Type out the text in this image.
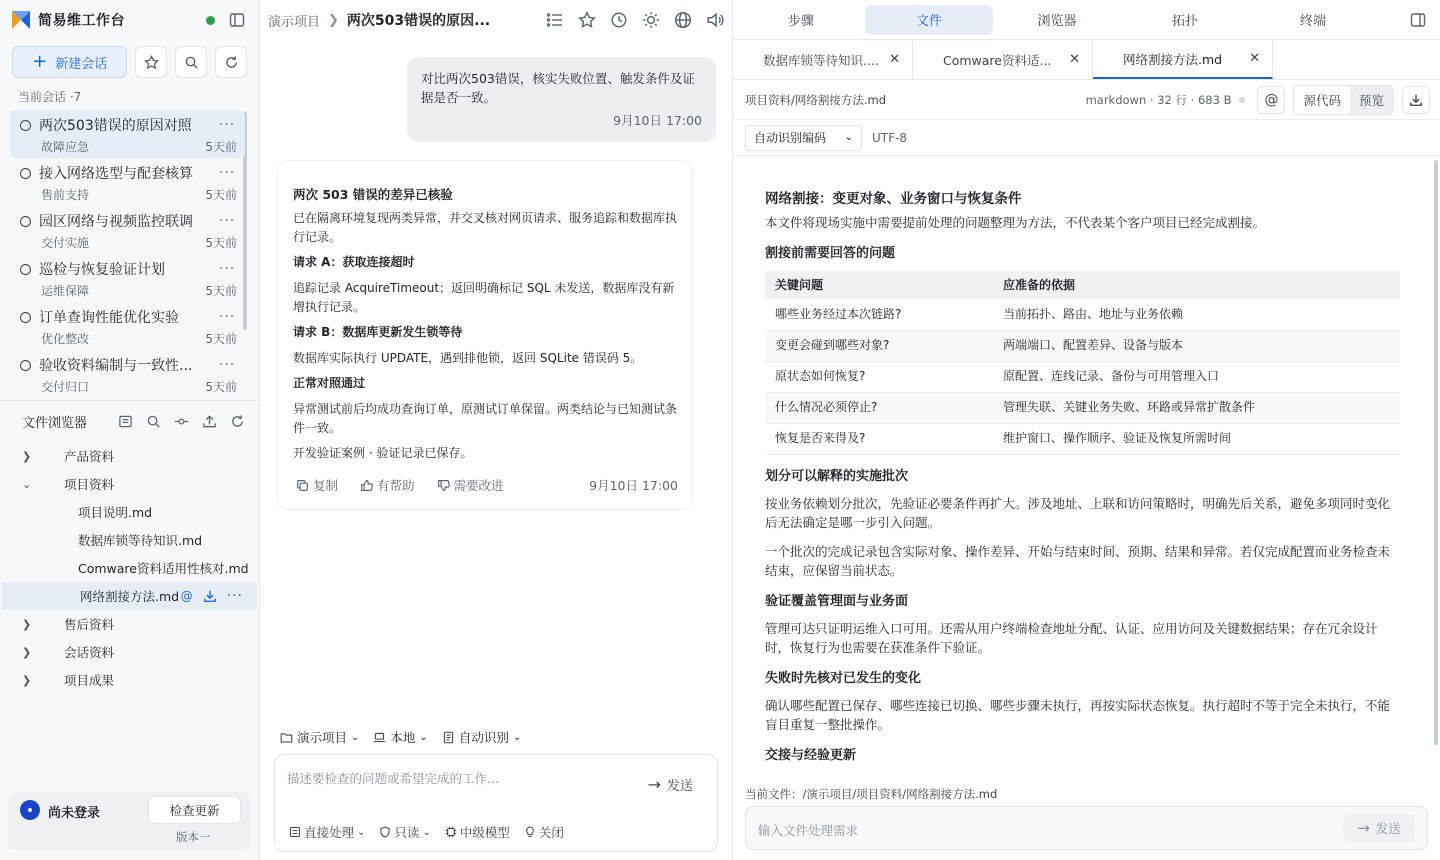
简易维工作台
+ 新建会话
当前会话 ·7
两次503错误的原因对照	···
故障应急	5天前
接入网络选型与配套核算	···
售前支持	5天前
园区网络与视频监控联调	···
交付实施	5天前
巡检与恢复验证计划	···
运维保障	5天前
订单查询性能优化实验	···
优化整改	5天前
验收资料编制与一致性...	···
交付归口	5天前
文件浏览器
❯	产品资料
⌄	项目资料
项目说明.md
数据库锁等待知识.md
Comware资料适用性核对.md
网络割接方法.md @ ···
❯	售后资料
❯	会话资料
❯	项目成果
尚未登录	检查更新
版本一
演示项目 ❯ 两次503错误的原因...
对比两次503错误，核实失败位置、触发条件及证据是否一致。
9月10日 17:00
两次 503 错误的差异已核验

已在隔离环境复现两类异常，并交叉核对网页请求、服务追踪和数据库执行记录。

请求 A：获取连接超时

追踪记录 AcquireTimeout；返回明确标记 SQL 未发送，数据库没有新增执行记录。

请求 B：数据库更新发生锁等待

数据库实际执行 UPDATE，遇到排他锁，返回 SQLite 错误码 5。

正常对照通过

异常测试前后均成功查询订单，原测试订单保留。两类结论与已知测试条件一致。

开发验证案例 · 验证记录已保存。

复制	有帮助	需要改进	9月10日 17:00
演示项目 ⌄ 本地 ⌄ 自动识别 ⌄
描述要检查的问题或希望完成的工作...	→ 发送
直接处理 ⌄ 只读 ⌄ 中级模型 关闭
步骤	文件	浏览器	拓扑	终端
数据库锁等待知识.... ✕	Comware资料适...	✕	网络割接方法.md	✕
项目资料/网络割接方法.md	markdown · 32 行 · 683 B	@	源代码	预览
自动识别编码 ⌄ UTF-8
网络割接：变更对象、业务窗口与恢复条件

本文件将现场实施中需要提前处理的问题整理为方法，不代表某个客户项目已经完成割接。

割接前需要回答的问题
关键问题	应准备的依据
哪些业务经过本次链路?	当前拓扑、路由、地址与业务依赖
变更会碰到哪些对象?	两端端口、配置差异、设备与版本
原状态如何恢复?	原配置、连线记录、备份与可用管理入口
什么情况必须停止?	管理失联、关键业务失败、环路或异常扩散条件
恢复是否来得及?	维护窗口、操作顺序、验证及恢复所需时间
划分可以解释的实施批次

按业务依赖划分批次，先验证必要条件再扩大。涉及地址、上联和访问策略时，明确先后关系，避免多项同时变化后无法确定是哪一步引入问题。

一个批次的完成记录包含实际对象、操作差异、开始与结束时间、预期、结果和异常。若仅完成配置而业务检查未结束，应保留当前状态。

验证覆盖管理面与业务面

管理可达只证明运维入口可用。还需从用户终端检查地址分配、认证、应用访问及关键数据结果；存在冗余设计时，恢复行为也需要在获准条件下验证。

失败时先核对已发生的变化

确认哪些配置已保存、哪些连接已切换、哪些步骤未执行，再按实际状态恢复。执行超时不等于完全未执行，不能盲目重复一整批操作。

交接与经验更新

当前文件：/演示项目/项目资料/网络割接方法.md
输入文件处理需求	→ 发送
